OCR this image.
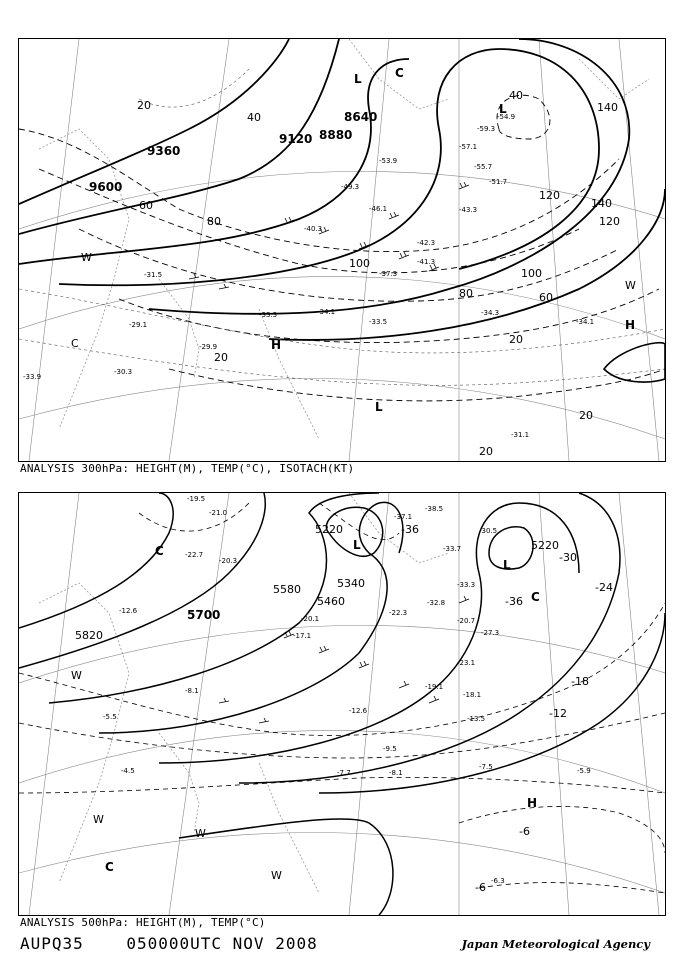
9600
9360
9120 8880
8640
20
40
60
80
100
120
140
40
60
80
100
120
140
20
20
20
20
L
L
C
H
L
W
W
C
H
-31.5
-29.1
-30.3
-29.9
-33.3	-34.1
-33.5
-34.3
-34.1
-31.1
-40.3
-42.3
-41.3
-37.3
-43.3
-46.1
-49.3
-53.9
-55.7
-51.7
-57.1
-59.3
-54.9
-33.9
ANALYSIS 300hPa: HEIGHT(M), TEMP(°C), ISOTACH(KT)
5820
5700
5580
5460
5340
5220
5220
-36
-36
-30
-24
-18
-12
-6
-6
C	L
L
C
W
W
W
C
W
H
-19.5
-21.0
-20.3
-22.7
-12.6
-17.1
-20.1
-38.5
-37.1
-33.7
-33.3
-30.5
-32.8
-22.3
-20.7
-27.3
-23.1
-19.1
-18.1
-13.5
-12.6
-8.1
-5.5
-9.5
-4.5	-7.7	-8.1
-7.5	-5.9
-6.3
ANALYSIS 500hPa: HEIGHT(M), TEMP(°C)
AUPQ35	050000UTC NOV 2008	Japan Meteorological Agency
